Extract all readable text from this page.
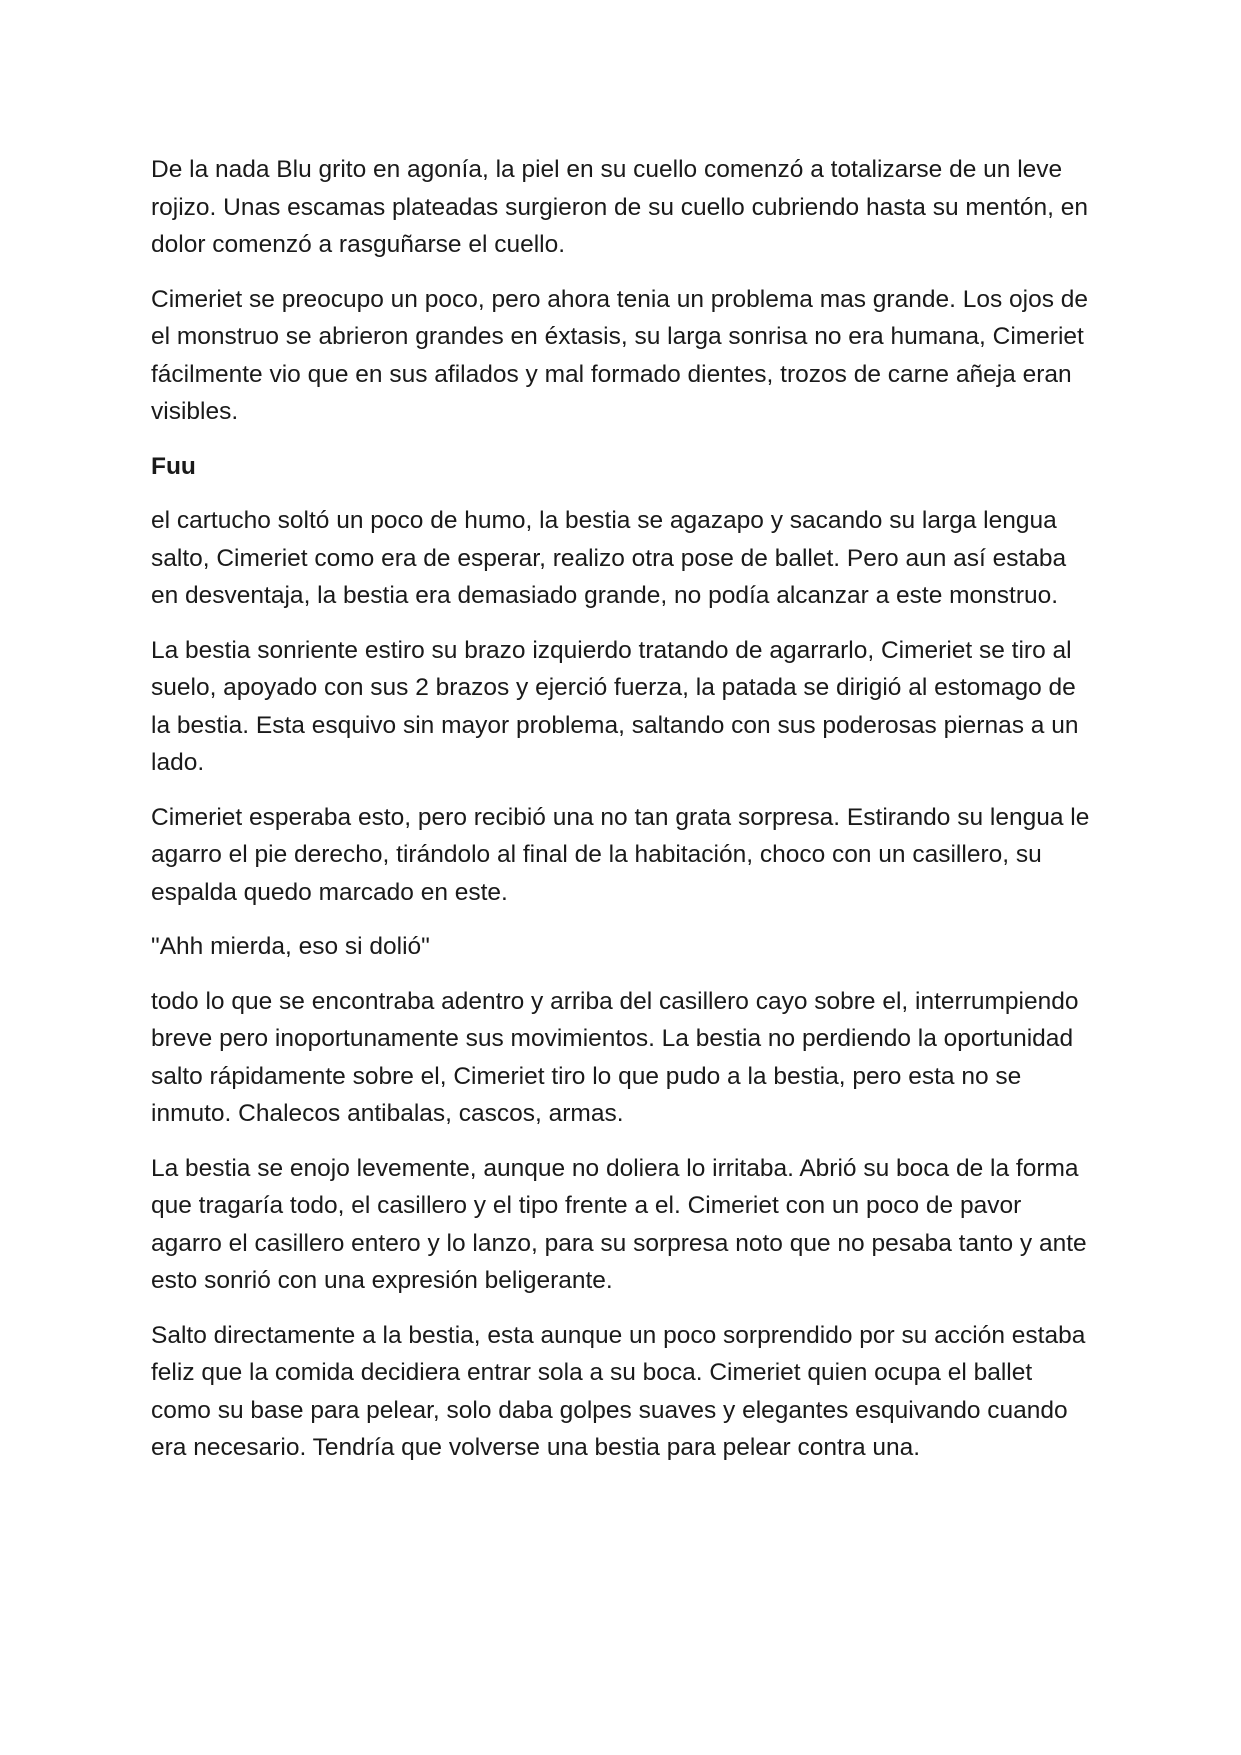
De la nada Blu grito en agonía, la piel en su cuello comenzó a totalizarse de un leve rojizo. Unas escamas plateadas surgieron de su cuello cubriendo hasta su mentón, en dolor comenzó a rasguñarse el cuello.

Cimeriet se preocupo un poco, pero ahora tenia un problema mas grande. Los ojos de el monstruo se abrieron grandes en éxtasis, su larga sonrisa no era humana, Cimeriet fácilmente vio que en sus afilados y mal formado dientes, trozos de carne añeja eran visibles.

Fuu

el cartucho soltó un poco de humo, la bestia se agazapo y sacando su larga lengua salto, Cimeriet como era de esperar, realizo otra pose de ballet. Pero aun así estaba en desventaja, la bestia era demasiado grande, no podía alcanzar a este monstruo.

La bestia sonriente estiro su brazo izquierdo tratando de agarrarlo, Cimeriet se tiro al suelo, apoyado con sus 2 brazos y ejerció fuerza, la patada se dirigió al estomago de la bestia. Esta esquivo sin mayor problema, saltando con sus poderosas piernas a un lado.

Cimeriet esperaba esto, pero recibió una no tan grata sorpresa. Estirando su lengua le agarro el pie derecho, tirándolo al final de la habitación, choco con un casillero, su espalda quedo marcado en este.

"Ahh mierda, eso si dolió"

todo lo que se encontraba adentro y arriba del casillero cayo sobre el, interrumpiendo breve pero inoportunamente sus movimientos. La bestia no perdiendo la oportunidad salto rápidamente sobre el, Cimeriet tiro lo que pudo a la bestia, pero esta no se inmuto. Chalecos antibalas, cascos, armas.

La bestia se enojo levemente, aunque no doliera lo irritaba. Abrió su boca de la forma que tragaría todo, el casillero y el tipo frente a el. Cimeriet con un poco de pavor agarro el casillero entero y lo lanzo, para su sorpresa noto que no pesaba tanto y ante esto sonrió con una expresión beligerante.

Salto directamente a la bestia, esta aunque un poco sorprendido por su acción estaba feliz que la comida decidiera entrar sola a su boca. Cimeriet quien ocupa el ballet como su base para pelear, solo daba golpes suaves y elegantes esquivando cuando era necesario. Tendría que volverse una bestia para pelear contra una.
